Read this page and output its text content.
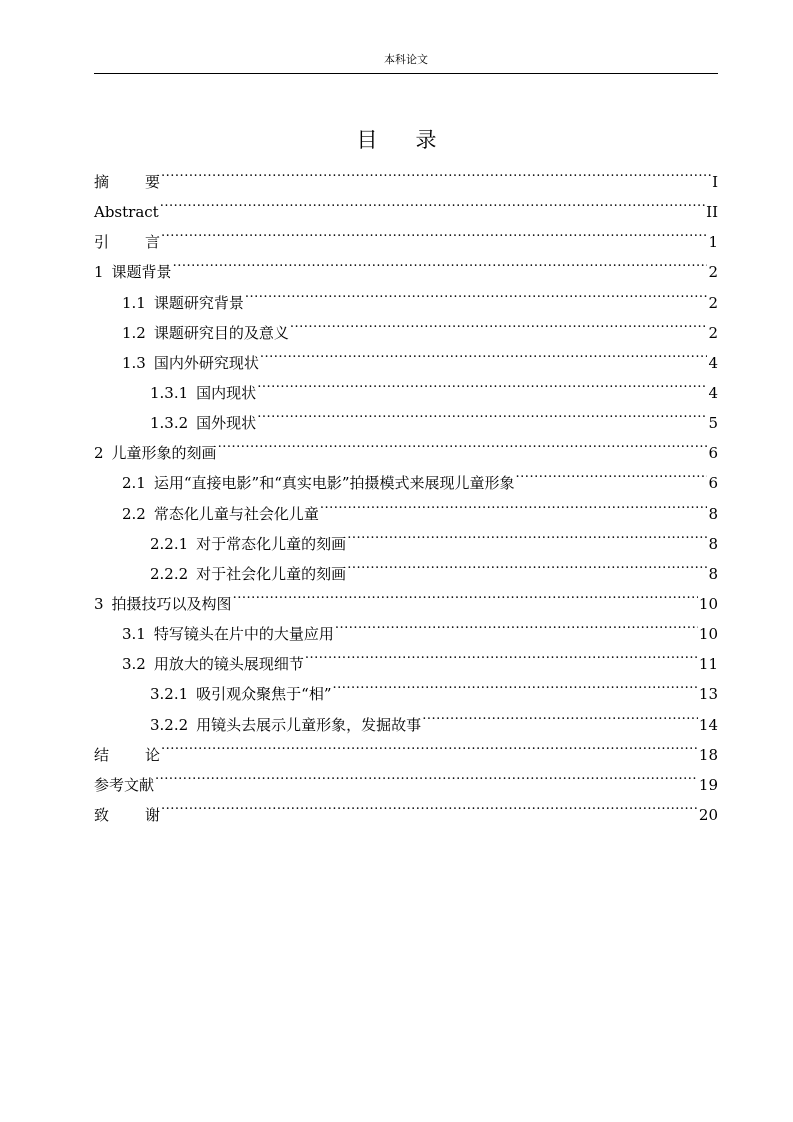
本科论文
目 录
摘 要 .....	I
Abstract .....	II
引 言 .....	1
1 课题背景 .....	2
1.1 课题研究背景 .....	2
1.2 课题研究目的及意义 .....	2
1.3 国内外研究现状 .....	4
1.3.1 国内现状 .....	4
1.3.2 国外现状 .....	5
2 儿童形象的刻画 .....	6
2.1 运用“直接电影”和“真实电影”拍摄模式来展现儿童形象 .....	6
2.2 常态化儿童与社会化儿童 .....	8
2.2.1 对于常态化儿童的刻画 .....	8
2.2.2 对于社会化儿童的刻画 .....	8
3 拍摄技巧以及构图 .....	10
3.1 特写镜头在片中的大量应用 .....	10
3.2 用放大的镜头展现细节 .....	11
3.2.1 吸引观众聚焦于“相” .....	13
3.2.2 用镜头去展示儿童形象，发掘故事 .....	14
结 论 .....	18
参考文献 .....	19
致 谢 .....	20
